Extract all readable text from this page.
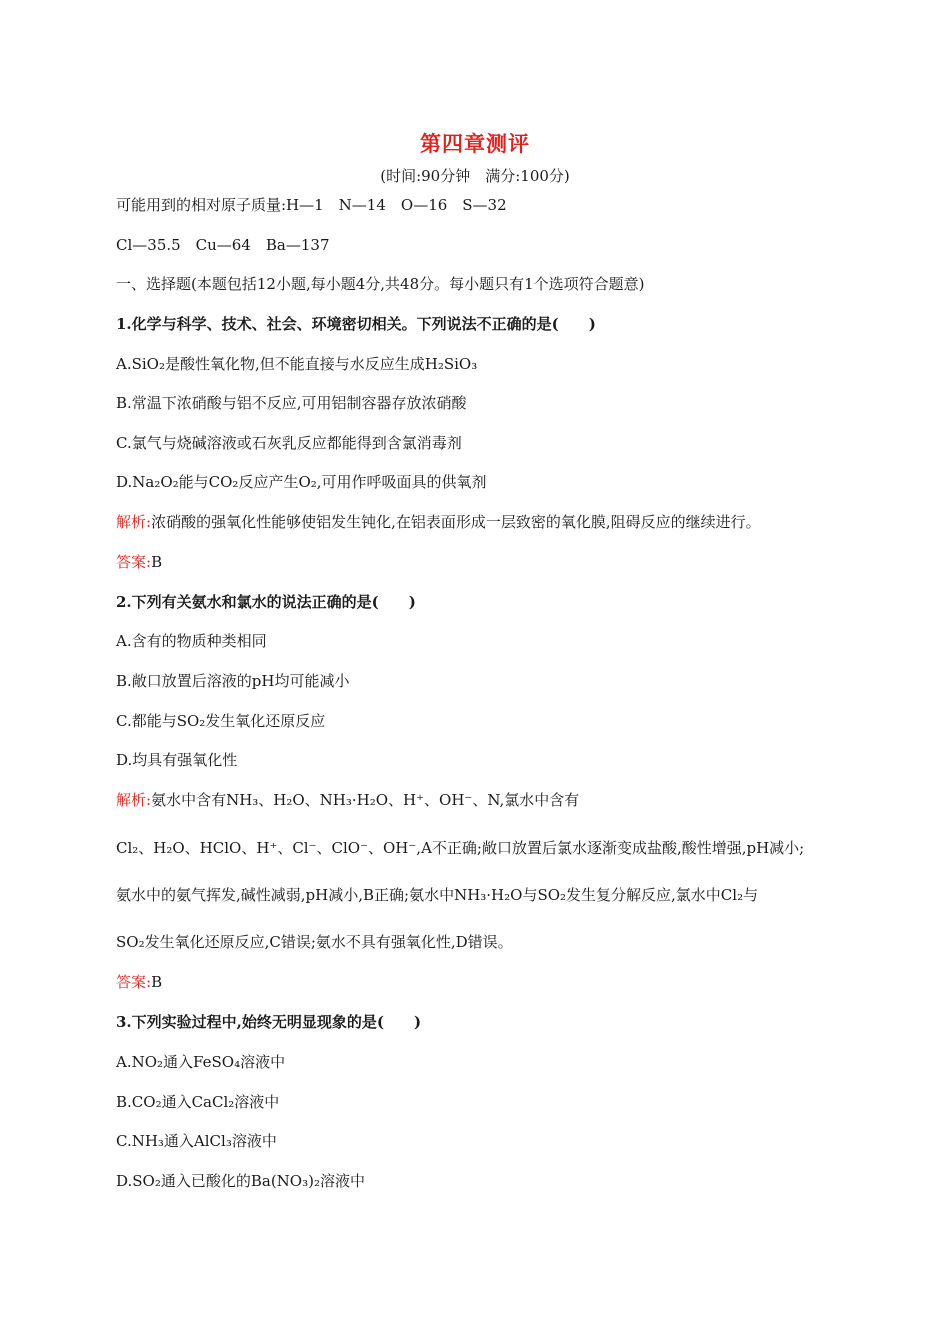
第四章测评
(时间:90分钟　满分:100分)
可能用到的相对原子质量:H—1　N—14　O—16　S—32
Cl—35.5　Cu—64　Ba—137
一、选择题(本题包括12小题,每小题4分,共48分。每小题只有1个选项符合题意)
1.化学与科学、技术、社会、环境密切相关。下列说法不正确的是(　　)
A.SiO₂是酸性氧化物,但不能直接与水反应生成H₂SiO₃
B.常温下浓硝酸与铝不反应,可用铝制容器存放浓硝酸
C.氯气与烧碱溶液或石灰乳反应都能得到含氯消毒剂
D.Na₂O₂能与CO₂反应产生O₂,可用作呼吸面具的供氧剂
解析:浓硝酸的强氧化性能够使铝发生钝化,在铝表面形成一层致密的氧化膜,阻碍反应的继续进行。
答案:B
2.下列有关氨水和氯水的说法正确的是(　　)
A.含有的物质种类相同
B.敞口放置后溶液的pH均可能减小
C.都能与SO₂发生氧化还原反应
D.均具有强氧化性
解析:氨水中含有NH₃、H₂O、NH₃·H₂O、H⁺、OH⁻、N,氯水中含有
Cl₂、H₂O、HClO、H⁺、Cl⁻、ClO⁻、OH⁻,A不正确;敞口放置后氯水逐渐变成盐酸,酸性增强,pH减小;
氨水中的氨气挥发,碱性减弱,pH减小,B正确;氨水中NH₃·H₂O与SO₂发生复分解反应,氯水中Cl₂与
SO₂发生氧化还原反应,C错误;氨水不具有强氧化性,D错误。
答案:B
3.下列实验过程中,始终无明显现象的是(　　)
A.NO₂通入FeSO₄溶液中
B.CO₂通入CaCl₂溶液中
C.NH₃通入AlCl₃溶液中
D.SO₂通入已酸化的Ba(NO₃)₂溶液中
